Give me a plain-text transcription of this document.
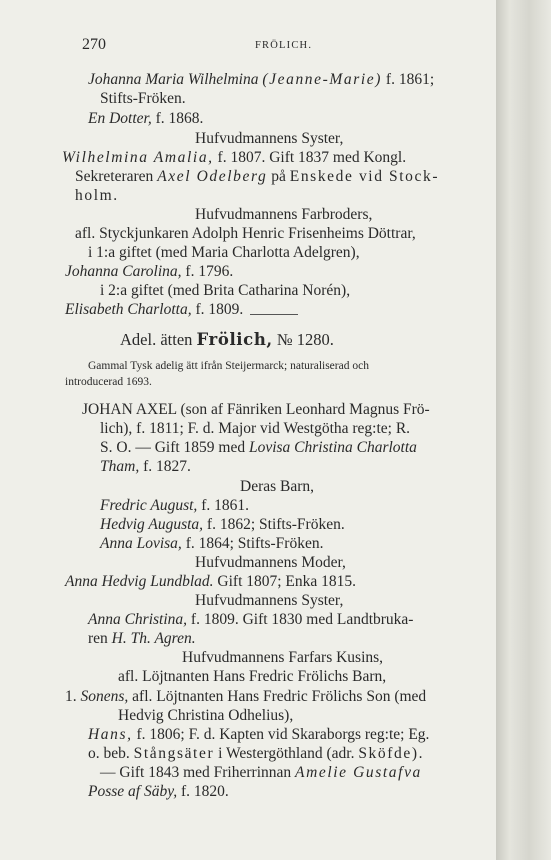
270	FRÖLICH.
Johanna Maria Wilhelmina (Jeanne-Marie) f. 1861;
Stifts-Fröken.
En Dotter, f. 1868.
Hufvudmannens Syster,
Wilhelmina Amalia, f. 1807. Gift 1837 med Kongl.
Sekreteraren Axel Odelberg på Enskede vid Stock-
holm.
Hufvudmannens Farbroders,
afl. Styckjunkaren Adolph Henric Frisenheims Döttrar,
i 1:a giftet (med Maria Charlotta Adelgren),
Johanna Carolina, f. 1796.
i 2:a giftet (med Brita Catharina Norén),
Elisabeth Charlotta, f. 1809.
Adel. ätten Frölich, № 1280.
Gammal Tysk adelig ätt ifrån Steijermarck; naturaliserad och
introducerad 1693.
JOHAN AXEL (son af Fänriken Leonhard Magnus Frö-
lich), f. 1811; F. d. Major vid Westgötha reg:te; R.
S. O. — Gift 1859 med Lovisa Christina Charlotta
Tham, f. 1827.
Deras Barn,
Fredric August, f. 1861.
Hedvig Augusta, f. 1862; Stifts-Fröken.
Anna Lovisa, f. 1864; Stifts-Fröken.
Hufvudmannens Moder,
Anna Hedvig Lundblad. Gift 1807; Enka 1815.
Hufvudmannens Syster,
Anna Christina, f. 1809. Gift 1830 med Landtbruka-
ren H. Th. Agren.
Hufvudmannens Farfars Kusins,
afl. Löjtnanten Hans Fredric Frölichs Barn,
1. Sonens, afl. Löjtnanten Hans Fredric Frölichs Son (med
Hedvig Christina Odhelius),
Hans, f. 1806; F. d. Kapten vid Skaraborgs reg:te; Eg.
o. beb. Stångsäter i Westergöthland (adr. Sköfde).
— Gift 1843 med Friherrinnan Amelie Gustafva
Posse af Säby, f. 1820.
